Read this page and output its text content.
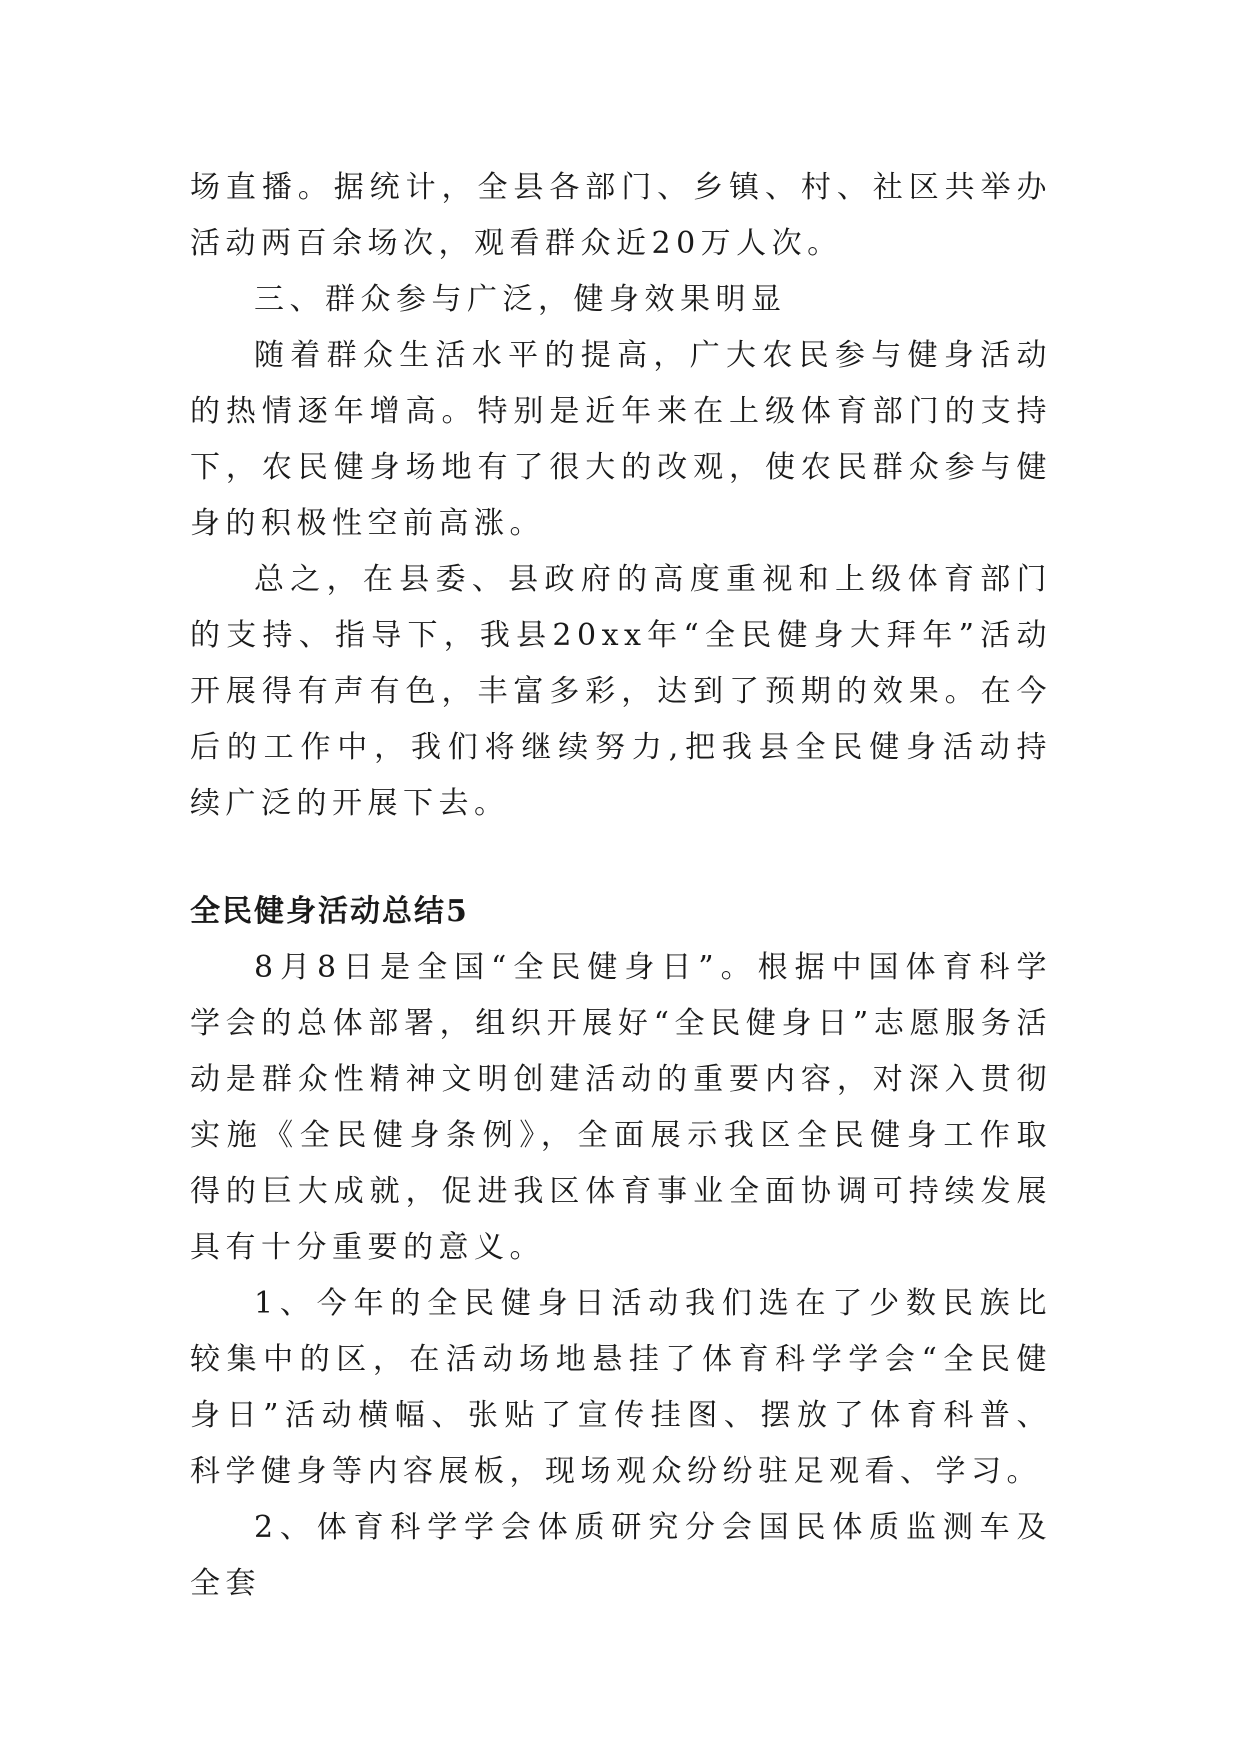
场直播。据统计，全县各部门、乡镇、村、社区共举办活动两百余场次，观看群众近20万人次。

三、群众参与广泛，健身效果明显

随着群众生活水平的提高，广大农民参与健身活动的热情逐年增高。特别是近年来在上级体育部门的支持下，农民健身场地有了很大的改观，使农民群众参与健身的积极性空前高涨。

总之，在县委、县政府的高度重视和上级体育部门的支持、指导下，我县20xx年“全民健身大拜年”活动开展得有声有色，丰富多彩，达到了预期的效果。在今后的工作中，我们将继续努力,把我县全民健身活动持续广泛的开展下去。

全民健身活动总结5

8月8日是全国“全民健身日”。根据中国体育科学学会的总体部署，组织开展好“全民健身日”志愿服务活动是群众性精神文明创建活动的重要内容，对深入贯彻实施《全民健身条例》，全面展示我区全民健身工作取得的巨大成就，促进我区体育事业全面协调可持续发展具有十分重要的意义。

1、今年的全民健身日活动我们选在了少数民族比较集中的区，在活动场地悬挂了体育科学学会“全民健身日”活动横幅、张贴了宣传挂图、摆放了体育科普、科学健身等内容展板，现场观众纷纷驻足观看、学习。

2、体育科学学会体质研究分会国民体质监测车及全套
